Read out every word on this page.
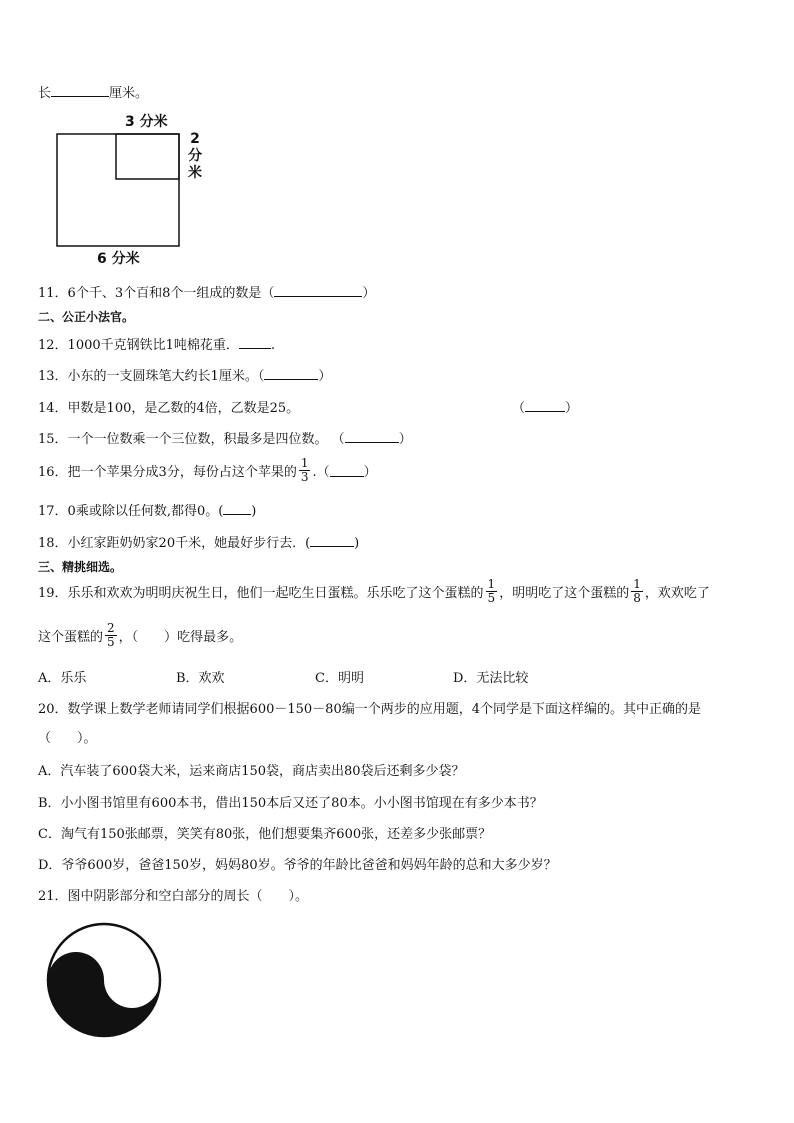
长	厘米。
3 分米
2
分
米
6 分米
11．6个千、3个百和8个一组成的数是（	）
二、公正小法官。
12．1000千克钢铁比1吨棉花重． .
13．小东的一支圆珠笔大约长1厘米。（	）
14．甲数是100，是乙数的4倍，乙数是25。	（	）
15．一个一位数乘一个三位数，积最多是四位数。 （	）
16．把一个苹果分成3分，每份占这个苹果的 $\frac{1}{3}$ .（	）
17．0乘或除以任何数,都得0。( )
18．小红家距奶奶家20千米，她最好步行去．(	)
三、精挑细选。
19．乐乐和欢欢为明明庆祝生日，他们一起吃生日蛋糕。乐乐吃了这个蛋糕的 $\frac{1}{5}$ ，明明吃了这个蛋糕的 $\frac{1}{8}$ ，欢欢吃了
这个蛋糕的 $\frac{2}{5}$ ，（　　）吃得最多。
A．乐乐	B．欢欢	C．明明	D．无法比较
20．数学课上数学老师请同学们根据600－150－80编一个两步的应用题，4个同学是下面这样编的。其中正确的是
（　　）。
A．汽车装了600袋大米，运来商店150袋，商店卖出80袋后还剩多少袋？
B．小小图书馆里有600本书，借出150本后又还了80本。小小图书馆现在有多少本书？
C．淘气有150张邮票，笑笑有80张，他们想要集齐600张，还差多少张邮票？
D．爷爷600岁，爸爸150岁，妈妈80岁。爷爷的年龄比爸爸和妈妈年龄的总和大多少岁？
21．图中阴影部分和空白部分的周长（　　）。
